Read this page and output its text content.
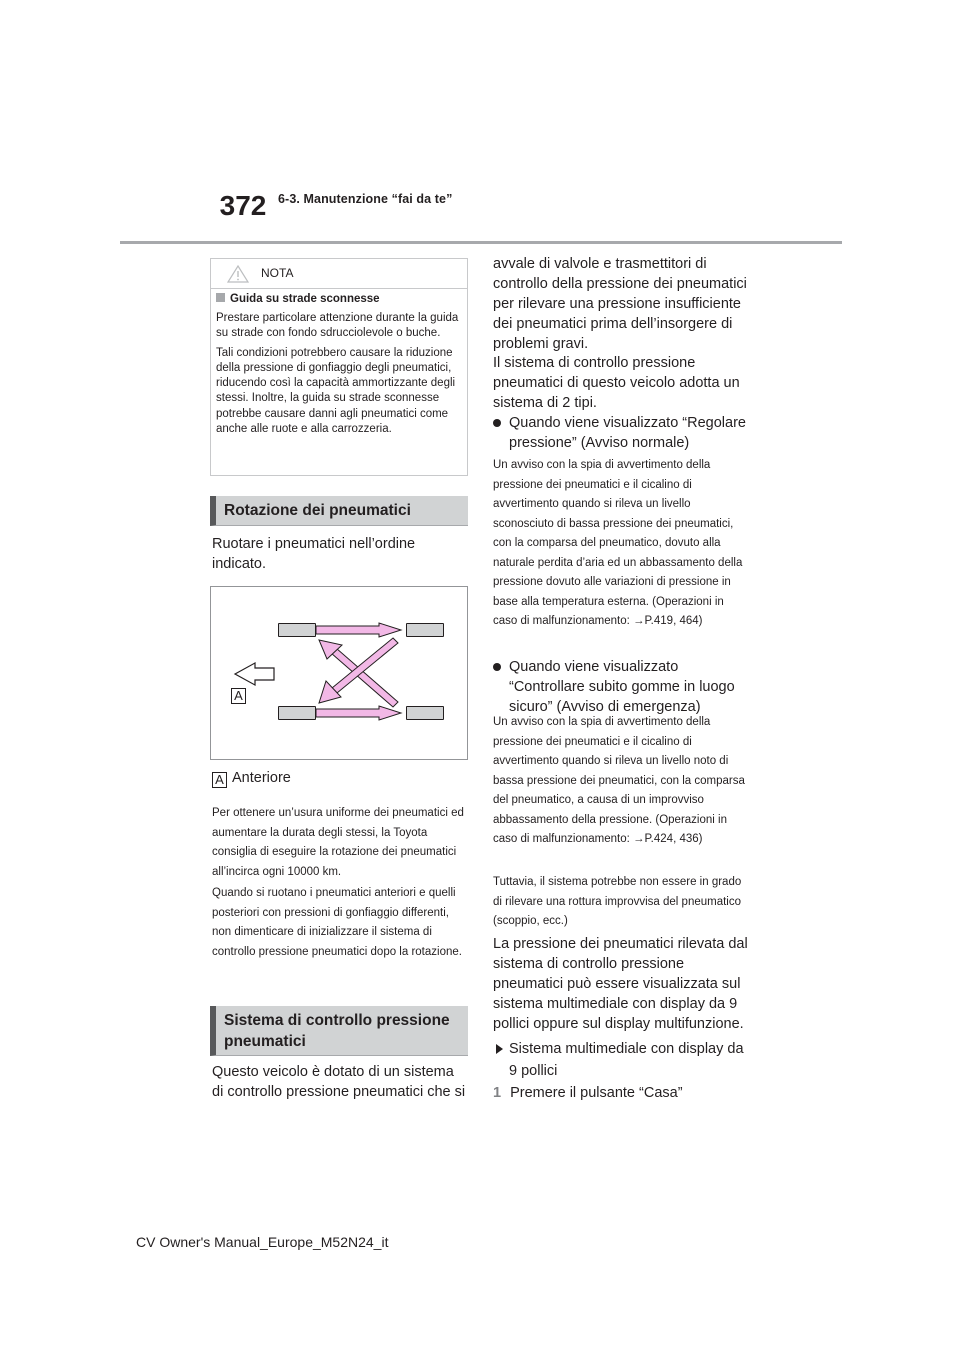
372 6-3. Manutenzione “fai da te”
NOTA
Guida su strade sconnesse

Prestare particolare attenzione durante la guida su strade con fondo sdrucciolevole o buche.

Tali condizioni potrebbero causare la riduzione della pressione di gonfiaggio degli pneumatici, riducendo così la capacità ammortizzante degli stessi. Inoltre, la guida su strade sconnesse potrebbe causare danni agli pneumatici come anche alle ruote e alla carrozzeria.

Rotazione dei pneumatici
Ruotare i pneumatici nell’ordine indicato.
A
A Anteriore
Per ottenere un’usura uniforme dei pneumatici ed aumentare la durata degli stessi, la Toyota consiglia di eseguire la rotazione dei pneumatici all’incirca ogni 10000 km.
Quando si ruotano i pneumatici anteriori e quelli posteriori con pressioni di gonfiaggio differenti, non dimenticare di inizializzare il sistema di controllo pressione pneumatici dopo la rotazione.
Sistema di controllo pressione pneumatici
Questo veicolo è dotato di un sistema di controllo pressione pneumatici che si
avvale di valvole e trasmettitori di controllo della pressione dei pneumatici per rilevare una pressione insufficiente dei pneumatici prima dell’insorgere di problemi gravi.
Il sistema di controllo pressione pneumatici di questo veicolo adotta un sistema di 2 tipi.
Quando viene visualizzato “Regolare pressione” (Avviso normale)
Un avviso con la spia di avvertimento della pressione dei pneumatici e il cicalino di avvertimento quando si rileva un livello sconosciuto di bassa pressione dei pneumatici, con la comparsa del pneumatico, dovuto alla naturale perdita d’aria ed un abbassamento della pressione dovuto alle variazioni di pressione in base alla temperatura esterna. (Operazioni in caso di malfunzionamento: →P.419, 464)
Quando viene visualizzato “Controllare subito gomme in luogo sicuro” (Avviso di emergenza)
Un avviso con la spia di avvertimento della pressione dei pneumatici e il cicalino di avvertimento quando si rileva un livello noto di bassa pressione dei pneumatici, con la comparsa del pneumatico, a causa di un improvviso abbassamento della pressione. (Operazioni in caso di malfunzionamento: →P.424, 436)
Tuttavia, il sistema potrebbe non essere in grado di rilevare una rottura improvvisa del pneumatico (scoppio, ecc.)
La pressione dei pneumatici rilevata dal sistema di controllo pressione pneumatici può essere visualizzata sul sistema multimediale con display da 9 pollici oppure sul display multifunzione.
Sistema multimediale con display da 9 pollici
1 Premere il pulsante “Casa”
CV Owner's Manual_Europe_M52N24_it
